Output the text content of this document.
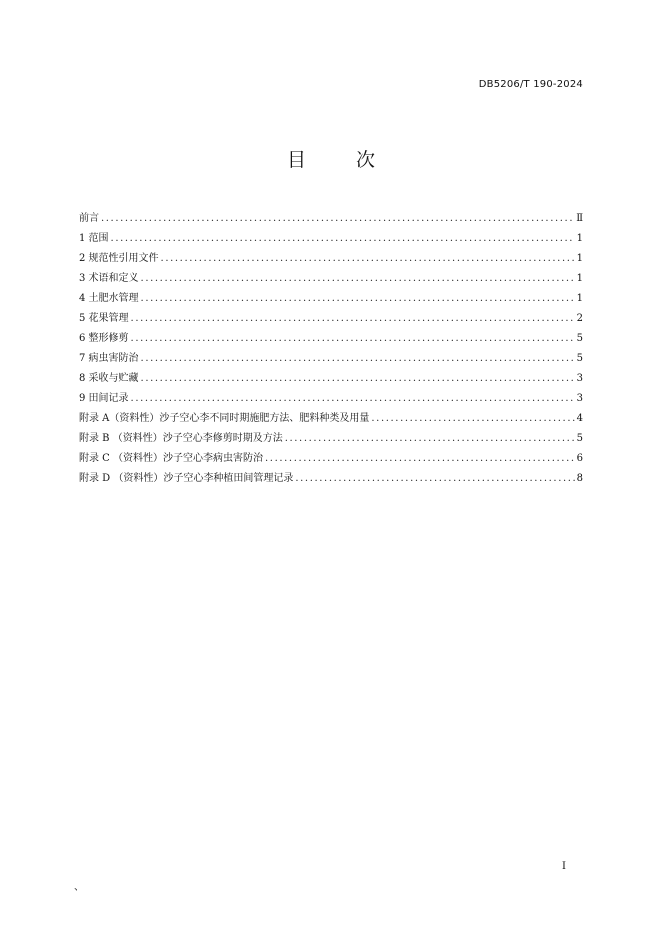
DB5206/T 190-2024
目 次
前言 .....	Ⅱ
1 范围 .....	1
2 规范性引用文件 .....	1
3 术语和定义 .....	1
4 土肥水管理 .....	1
5 花果管理 .....	2
6 整形修剪 .....	5
7 病虫害防治 .....	5
8 采收与贮藏 .....	3
9 田间记录 .....	3
附录 A（资料性）沙子空心李不同时期施肥方法、肥料种类及用量 .....	4
附录 B （资料性）沙子空心李修剪时期及方法 .....	5
附录 C （资料性）沙子空心李病虫害防治 .....	6
附录 D （资料性）沙子空心李种植田间管理记录 .....	8
I
、
